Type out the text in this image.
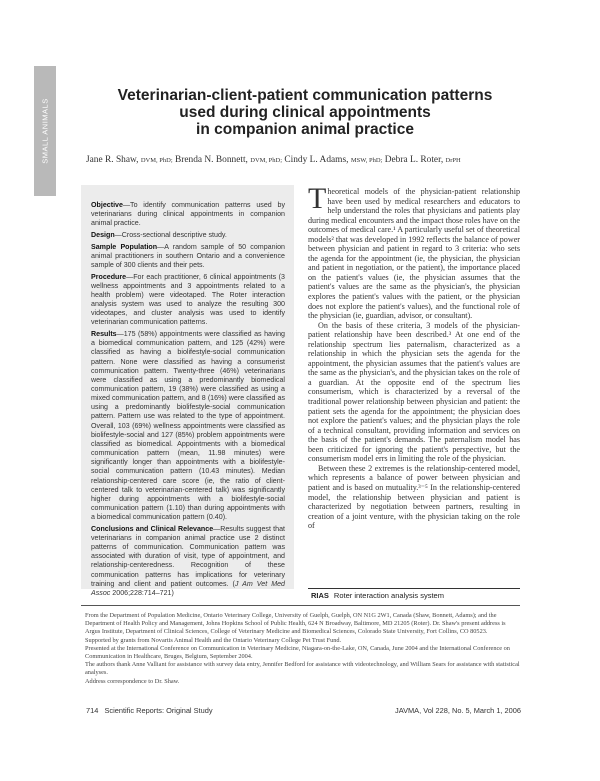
SMALL ANIMALS
Veterinarian-client-patient communication patterns
used during clinical appointments
in companion animal practice
Jane R. Shaw, DVM, PhD; Brenda N. Bonnett, DVM, PhD; Cindy L. Adams, MSW, PhD; Debra L. Roter, DrPH

Objective—To identify communication patterns used by veterinarians during clinical appointments in companion animal practice.

Design—Cross-sectional descriptive study.

Sample Population—A random sample of 50 companion animal practitioners in southern Ontario and a convenience sample of 300 clients and their pets.

Procedure—For each practitioner, 6 clinical appointments (3 wellness appointments and 3 appointments related to a health problem) were videotaped. The Roter interaction analysis system was used to analyze the resulting 300 videotapes, and cluster analysis was used to identify veterinarian communication patterns.

Results—175 (58%) appointments were classified as having a biomedical communication pattern, and 125 (42%) were classified as having a biolifestyle-social communication pattern. None were classified as having a consumerist communication pattern. Twenty-three (46%) veterinarians were classified as using a predominantly biomedical communication pattern, 19 (38%) were classified as using a mixed communication pattern, and 8 (16%) were classified as using a predominantly biolifestyle-social communication pattern. Pattern use was related to the type of appointment. Overall, 103 (69%) wellness appointments were classified as biolifestyle-social and 127 (85%) problem appointments were classified as biomedical. Appointments with a biomedical communication pattern (mean, 11.98 minutes) were significantly longer than appointments with a biolifestyle-social communication pattern (10.43 minutes). Median relationship-centered care score (ie, the ratio of client-centered talk to veterinarian-centered talk) was significantly higher during appointments with a biolifestyle-social communication pattern (1.10) than during appointments with a biomedical communication pattern (0.40).

Conclusions and Clinical Relevance—Results suggest that veterinarians in companion animal practice use 2 distinct patterns of communication. Communication pattern was associated with duration of visit, type of appointment, and relationship-centeredness. Recognition of these communication patterns has implications for veterinary training and client and patient outcomes. (J Am Vet Med Assoc 2006;228:714–721)

Theoretical models of the physician-patient relationship have been used by medical researchers and educators to help understand the roles that physicians and patients play during medical encounters and the impact those roles have on the outcomes of medical care.¹ A particularly useful set of theoretical models² that was developed in 1992 reflects the balance of power between physician and patient in regard to 3 criteria: who sets the agenda for the appointment (ie, the physician, the physician and patient in negotiation, or the patient), the importance placed on the patient's values (ie, the physician assumes that the patient's values are the same as the physician's, the physician explores the patient's values with the patient, or the physician does not explore the patient's values), and the functional role of the physician (ie, guardian, advisor, or consultant).

On the basis of these criteria, 3 models of the physician-patient relationship have been described.³ At one end of the relationship spectrum lies paternalism, characterized as a relationship in which the physician sets the agenda for the appointment, the physician assumes that the patient's values are the same as the physician's, and the physician takes on the role of a guardian. At the opposite end of the spectrum lies consumerism, which is characterized by a reversal of the traditional power relationship between physician and patient: the patient sets the agenda for the appointment; the physician does not explore the patient's values; and the physician plays the role of a technical consultant, providing information and services on the basis of the patient's demands. The paternalism model has been criticized for ignoring the patient's perspective, but the consumerism model errs in limiting the role of the physician.

Between these 2 extremes is the relationship-centered model, which represents a balance of power between physician and patient and is based on mutuality.³⁻⁵ In the relationship-centered model, the relationship between physician and patient is characterized by negotiation between partners, resulting in creation of a joint venture, with the physician taking on the role of

RIAS Roter interaction analysis system

From the Department of Population Medicine, Ontario Veterinary College, University of Guelph, Guelph, ON N1G 2W1, Canada (Shaw, Bonnett, Adams); and the Department of Health Policy and Management, Johns Hopkins School of Public Health, 624 N Broadway, Baltimore, MD 21205 (Roter). Dr. Shaw's present address is Argus Institute, Department of Clinical Sciences, College of Veterinary Medicine and Biomedical Sciences, Colorado State University, Fort Collins, CO 80523.

Supported by grants from Novartis Animal Health and the Ontario Veterinary College Pet Trust Fund.

Presented at the International Conference on Communication in Veterinary Medicine, Niagara-on-the-Lake, ON, Canada, June 2004 and the International Conference on Communication in Healthcare, Bruges, Belgium, September 2004.

The authors thank Anne Valliant for assistance with survey data entry, Jennifer Bedford for assistance with videotechnology, and William Sears for assistance with statistical analyses.

Address correspondence to Dr. Shaw.

714   Scientific Reports: Original Study	JAVMA, Vol 228, No. 5, March 1, 2006
